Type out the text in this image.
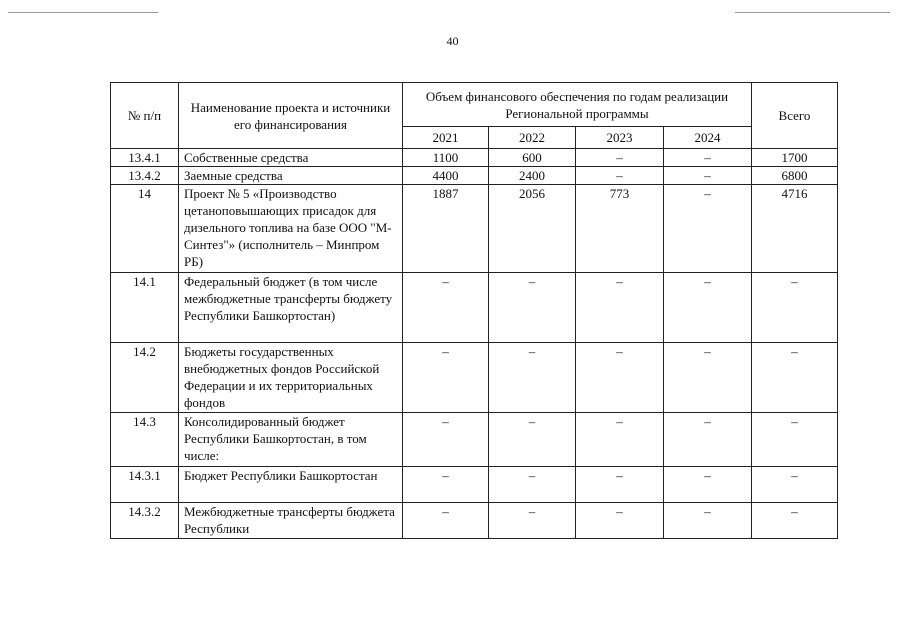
40
№ п/п	Наименование проекта и источники его финансирования	Объем финансового обеспечения по годам реализации Региональной программы				Всего
		2021	2022	2023	2024	
13.4.1	Собственные средства	1100	600	–	–	1700
13.4.2	Заемные средства	4400	2400	–	–	6800
14	Проект № 5 «Производство цетаноповышающих присадок для дизельного топлива на базе ООО "М-Синтез"» (исполнитель – Минпром РБ)	1887	2056	773	–	4716
14.1	Федеральный бюджет (в том числе межбюджетные трансферты бюджету Республики Башкортостан)	–	–	–	–	–
14.2	Бюджеты государственных внебюджетных фондов Российской Федерации и их территориальных фондов	–	–	–	–	–
14.3	Консолидированный бюджет Республики Башкортостан, в том числе:	–	–	–	–	–
14.3.1	Бюджет Республики Башкортостан	–	–	–	–	–
14.3.2	Межбюджетные трансферты бюджета Республики	–	–	–	–	–
